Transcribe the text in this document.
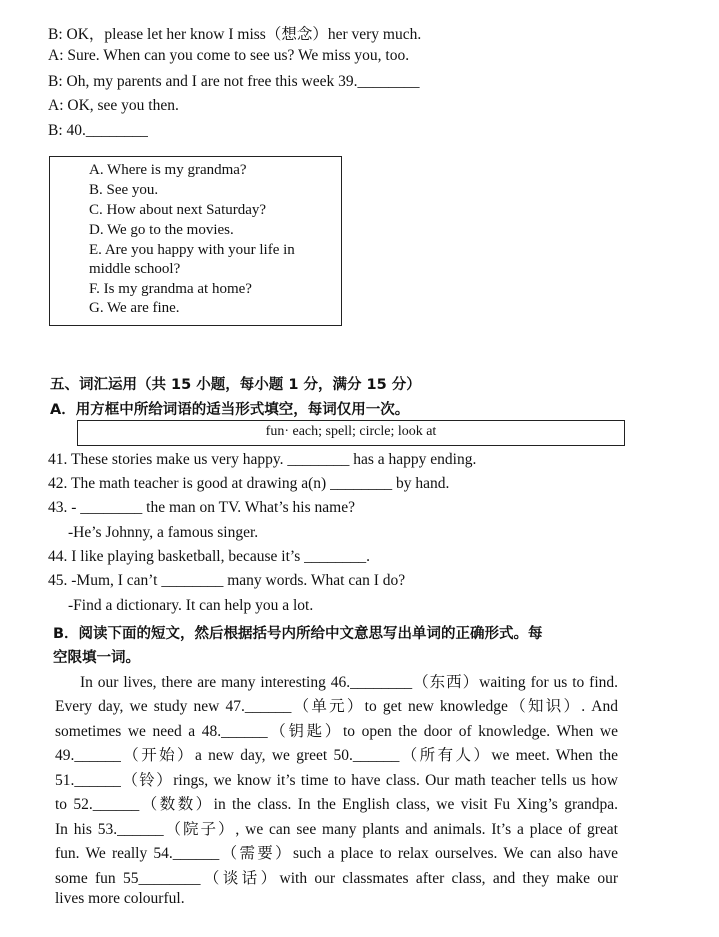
B: OK，please let her know I miss（想念）her very much.
A: Sure. When can you come to see us? We miss you, too.
B: Oh, my parents and I are not free this week 39.________
A: OK, see you then.
B: 40.________
A. Where is my grandma?
B. See you.
C. How about next Saturday?
D. We go to the movies.
E. Are you happy with your life in
middle school?
F. Is my grandma at home?
G. We are fine.
五、词汇运用（共 15 小题，每小题 1 分，满分 15 分）
A．用方框中所给词语的适当形式填空，每词仅用一次。
fun· each; spell; circle; look at
41. These stories make us very happy. ________ has a happy ending.
42. The math teacher is good at drawing a(n) ________ by hand.
43. - ________ the man on TV. What’s his name?
-He’s Johnny, a famous singer.
44. I like playing basketball, because it’s ________.
45. -Mum, I can’t ________ many words. What can I do?
-Find a dictionary. It can help you a lot.
B．阅读下面的短文，然后根据括号内所给中文意思写出单词的正确形式。每
空限填一词。
In our lives, there are many interesting 46.________（东西）waiting for us to find.
Every day, we study new 47.______（单元）to get new knowledge（知识）. And
sometimes we need a 48.______（钥匙）to open the door of knowledge. When we
49.______（开始）a new day, we greet 50.______（所有人）we meet. When the
51.______（铃）rings, we know it’s time to have class. Our math teacher tells us how
to 52.______（数数）in the class. In the English class, we visit Fu Xing’s grandpa.
In his 53.______（院子）, we can see many plants and animals. It’s a place of great
fun. We really 54.______（需要）such a place to relax ourselves. We can also have
some fun 55________（谈话）with our classmates after class, and they make our
lives more colourful.
